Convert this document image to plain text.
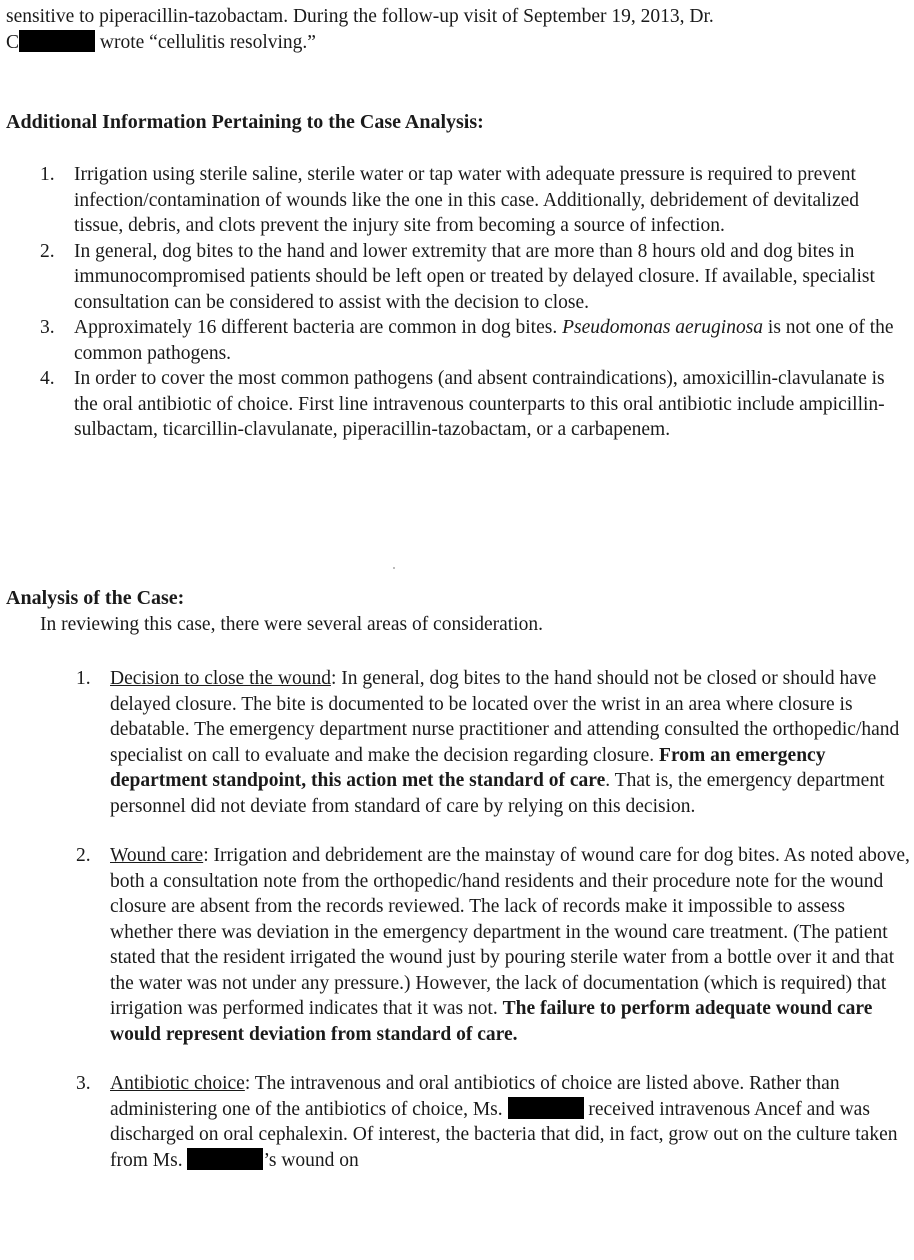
sensitive to piperacillin-tazobactam. During the follow-up visit of September 19, 2013, Dr.
C	wrote “cellulitis resolving.”
Additional Information Pertaining to the Case Analysis:
1. Irrigation using sterile saline, sterile water or tap water with adequate pressure is required to prevent infection/contamination of wounds like the one in this case. Additionally, debridement of devitalized tissue, debris, and clots prevent the injury site from becoming a source of infection.
2. In general, dog bites to the hand and lower extremity that are more than 8 hours old and dog bites in immunocompromised patients should be left open or treated by delayed closure. If available, specialist consultation can be considered to assist with the decision to close.
3. Approximately 16 different bacteria are common in dog bites. Pseudomonas aeruginosa is not one of the common pathogens.
4. In order to cover the most common pathogens (and absent contraindications), amoxicillin-clavulanate is the oral antibiotic of choice. First line intravenous counterparts to this oral antibiotic include ampicillin-sulbactam, ticarcillin-clavulanate, piperacillin-tazobactam, or a carbapenem.
Analysis of the Case:
In reviewing this case, there were several areas of consideration.
1. Decision to close the wound: In general, dog bites to the hand should not be closed or should have delayed closure. The bite is documented to be located over the wrist in an area where closure is debatable. The emergency department nurse practitioner and attending consulted the orthopedic/hand specialist on call to evaluate and make the decision regarding closure. From an emergency department standpoint, this action met the standard of care. That is, the emergency department personnel did not deviate from standard of care by relying on this decision.
2. Wound care: Irrigation and debridement are the mainstay of wound care for dog bites. As noted above, both a consultation note from the orthopedic/hand residents and their procedure note for the wound closure are absent from the records reviewed. The lack of records make it impossible to assess whether there was deviation in the emergency department in the wound care treatment. (The patient stated that the resident irrigated the wound just by pouring sterile water from a bottle over it and that the water was not under any pressure.) However, the lack of documentation (which is required) that irrigation was performed indicates that it was not. The failure to perform adequate wound care would represent deviation from standard of care.
3. Antibiotic choice: The intravenous and oral antibiotics of choice are listed above. Rather than administering one of the antibiotics of choice, Ms.	received intravenous Ancef and was discharged on oral cephalexin. Of interest, the bacteria that did, in fact, grow out on the culture taken from Ms.	’s wound on
